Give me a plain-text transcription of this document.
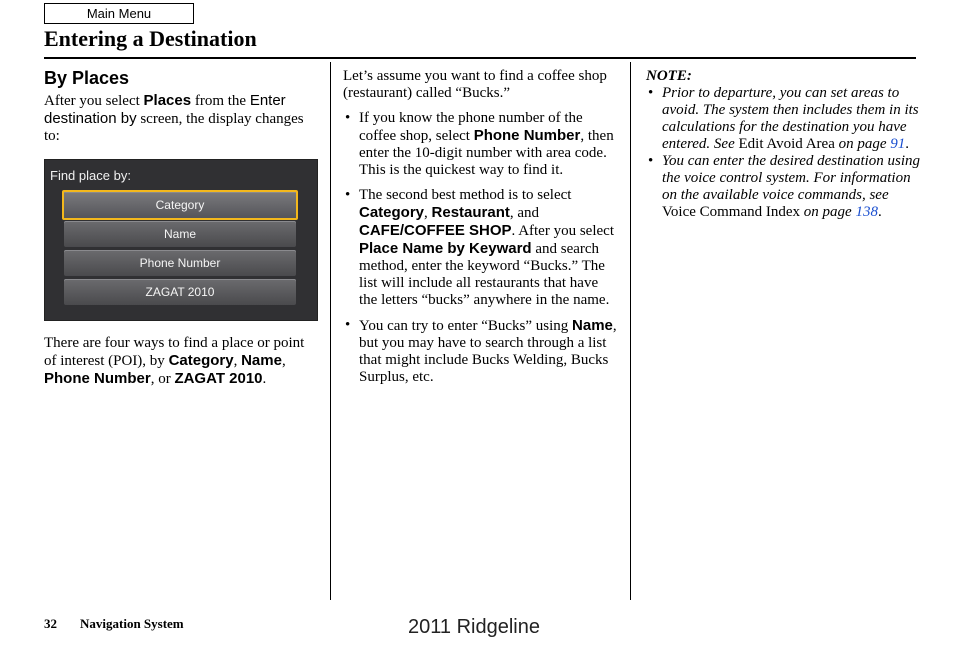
Main Menu
Entering a Destination
By Places

After you select Places from the Enter destination by screen, the display changes to:

Find place by:
Category
Name
Phone Number
ZAGAT 2010

There are four ways to find a place or point of interest (POI), by Category, Name, Phone Number, or ZAGAT 2010.

Let’s assume you want to find a coffee shop (restaurant) called “Bucks.”

• If you know the phone number of the coffee shop, select Phone Number, then enter the 10-digit number with area code. This is the quickest way to find it.
• The second best method is to select Category, Restaurant, and CAFE/COFFEE SHOP. After you select Place Name by Keyward and search method, enter the keyword “Bucks.” The list will include all restaurants that have the letters “bucks” anywhere in the name.
• You can try to enter “Bucks” using Name, but you may have to search through a list that might include Bucks Welding, Bucks Surplus, etc.

NOTE:

• Prior to departure, you can set areas to avoid. The system then includes them in its calculations for the destination you have entered. See Edit Avoid Area on page 91.
• You can enter the desired destination using the voice control system. For information on the available voice commands, see Voice Command Index on page 138.
32 Navigation System	2011 Ridgeline
